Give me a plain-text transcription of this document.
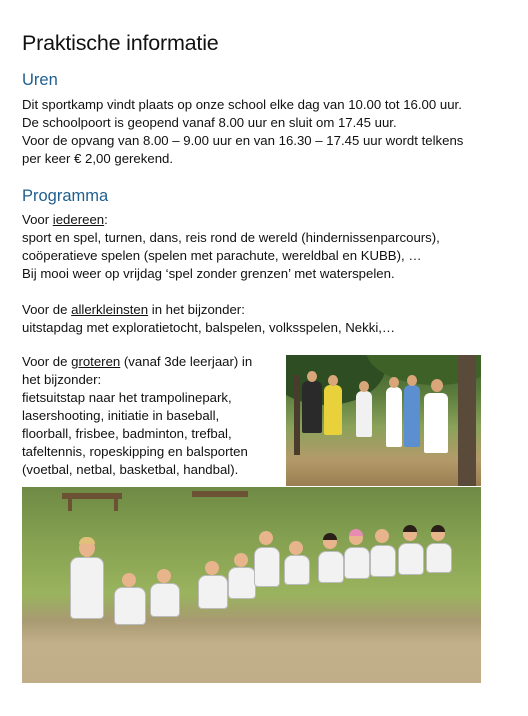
Praktische informatie
Uren

Dit sportkamp vindt plaats op onze school elke dag van 10.00 tot 16.00 uur.

De schoolpoort is geopend vanaf 8.00 uur en sluit om 17.45 uur.

Voor de opvang van 8.00 – 9.00 uur en van 16.30 – 17.45 uur wordt telkens

per keer € 2,00 gerekend.

Programma

Voor iedereen:

sport en spel, turnen, dans, reis rond de wereld (hindernissenparcours),

coöperatieve spelen (spelen met parachute, wereldbal en KUBB), …

Bij mooi weer op vrijdag ‘spel zonder grenzen’ met waterspelen.

Voor de allerkleinsten in het bijzonder:

uitstapdag met exploratietocht, balspelen, volksspelen, Nekki,…

Voor de groteren (vanaf 3de leerjaar) in

het bijzonder:

fietsuitstap naar het trampolinepark,

lasershooting, initiatie in baseball,

floorball, frisbee, badminton, trefbal,

tafeltennis, ropeskipping en balsporten

(voetbal, netbal, basketbal, handbal).
